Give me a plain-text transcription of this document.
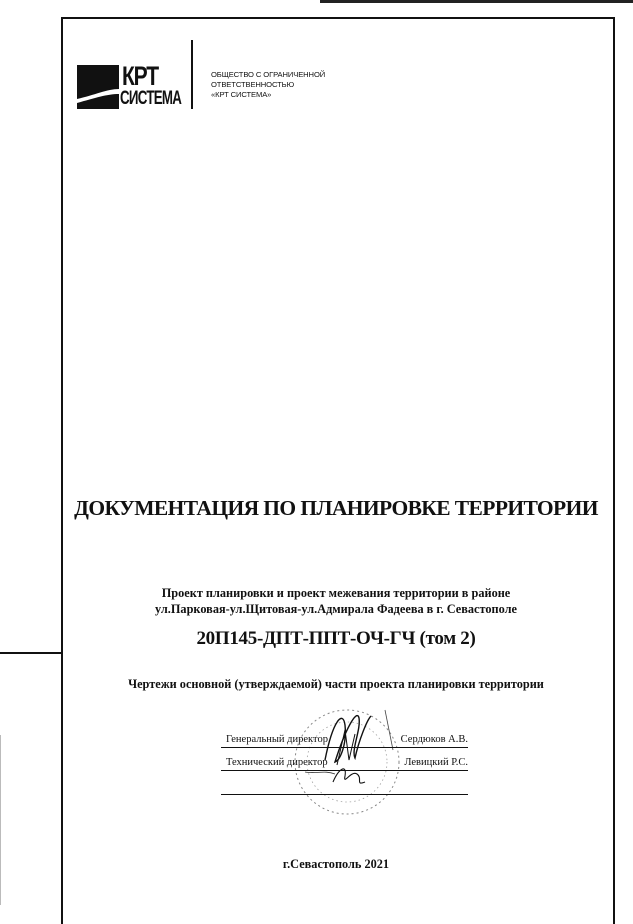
КРТ
СИСТЕМА
ОБЩЕСТВО С ОГРАНИЧЕННОЙ
ОТВЕТСТВЕННОСТЬЮ
«КРТ СИСТЕМА»
ДОКУМЕНТАЦИЯ ПО ПЛАНИРОВКЕ ТЕРРИТОРИИ
Проект планировки и проект межевания территории в районе
ул.Парковая-ул.Щитовая-ул.Адмирала Фадеева в г. Севастополе
20П145-ДПТ-ППТ-ОЧ-ГЧ (том 2)
Чертежи основной (утверждаемой) части проекта планировки территории
Генеральный директор	Сердюков А.В.
Технический директор	Левицкий Р.С.
г.Севастополь 2021
